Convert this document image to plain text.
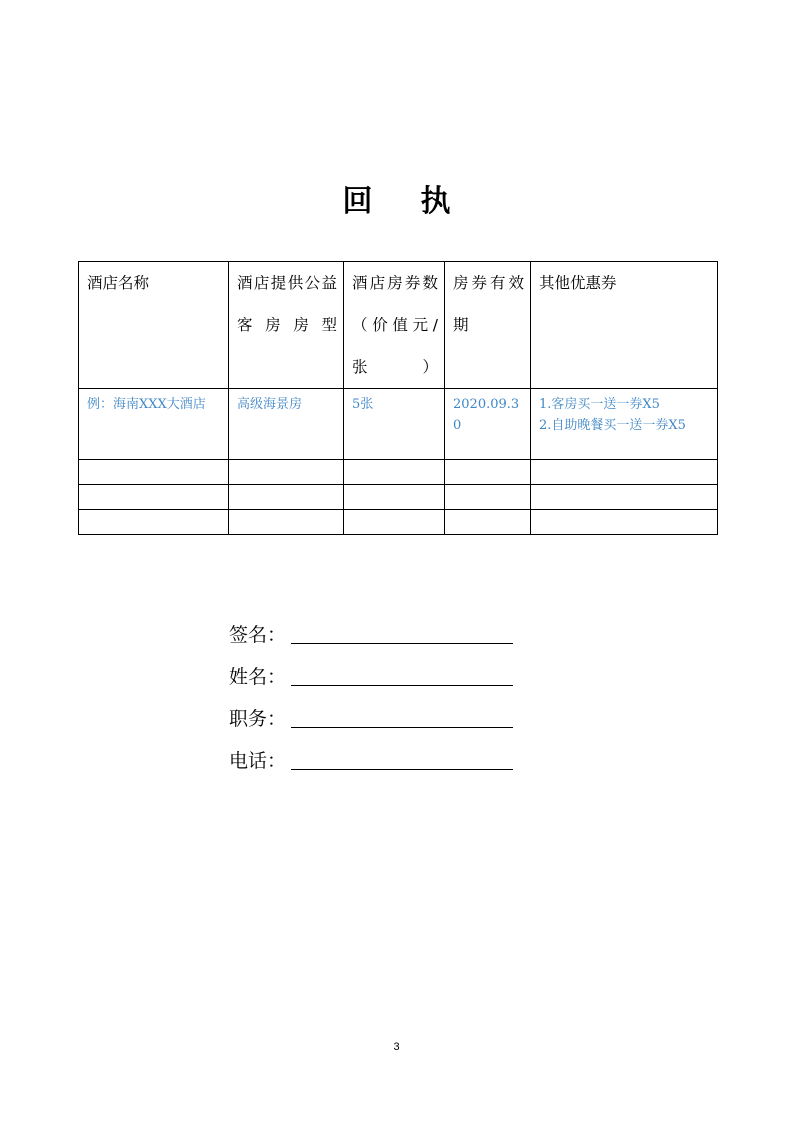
回 执
酒店名称	酒店提供公益客房房型	酒店房券数（价值元/张）	房券有效期	其他优惠券
例：海南XXX大酒店	高级海景房	5张	2020.09.30	1.客房买一送一券X5
2.自助晚餐买一送一券X5

签名：
姓名：
职务：
电话：
3
